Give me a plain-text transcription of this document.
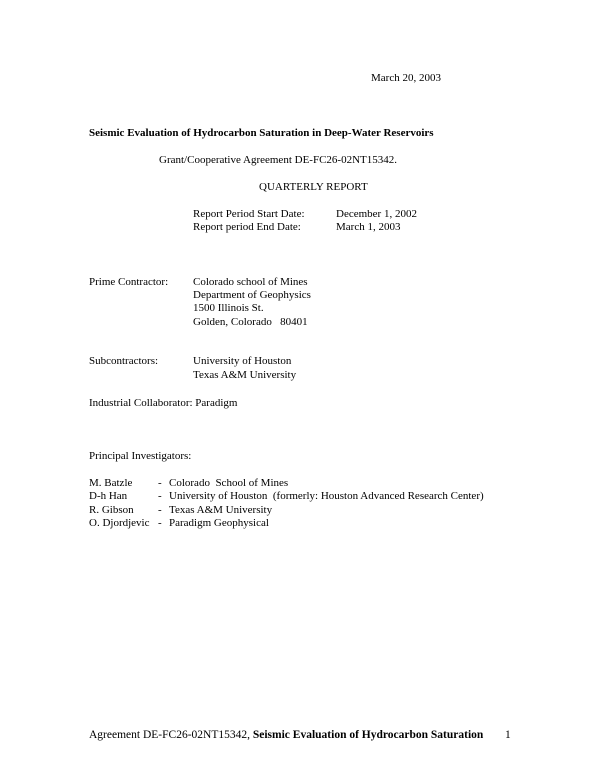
March 20, 2003
Seismic Evaluation of Hydrocarbon Saturation in Deep-Water Reservoirs
Grant/Cooperative Agreement DE-FC26-02NT15342.
QUARTERLY REPORT
Report Period Start Date:	December 1, 2002
Report period End Date:	March 1, 2003
Prime Contractor: Colorado school of Mines
Department of Geophysics
1500 Illinois St.
Golden, Colorado   80401
Subcontractors:	University of Houston
Texas A&M University
Industrial Collaborator: Paradigm
Principal Investigators:
M. Batzle - Colorado  School of Mines
D-h Han	- University of Houston  (formerly: Houston Advanced Research Center)
R. Gibson - Texas A&M University
O. Djordjevic - Paradigm Geophysical
Agreement DE-FC26-02NT15342, Seismic Evaluation of Hydrocarbon Saturation 1
